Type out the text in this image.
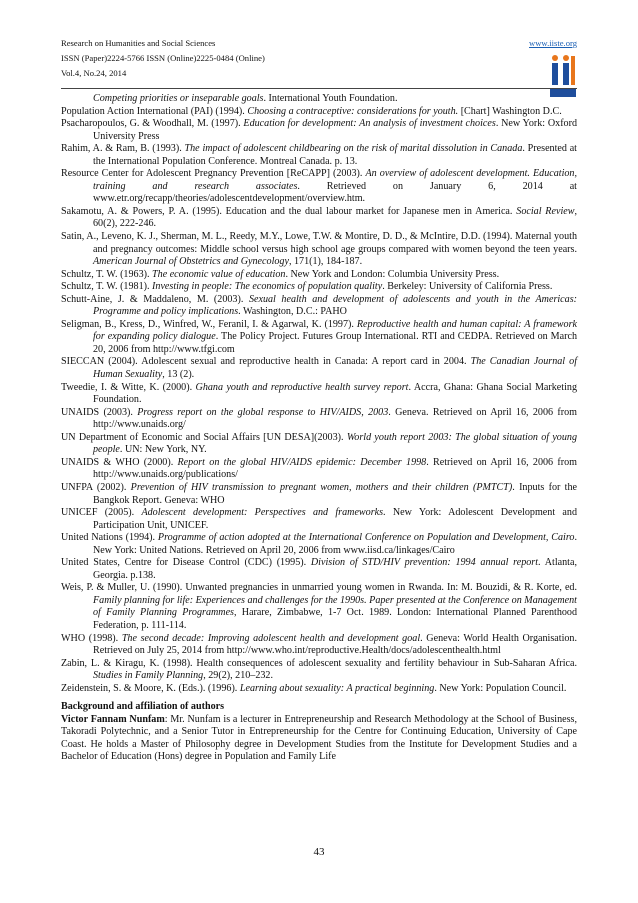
Research on Humanities and Social Sciences
ISSN (Paper)2224-5766 ISSN (Online)2225-0484 (Online)
Vol.4, No.24, 2014
www.iiste.org

Competing priorities or inseparable goals. International Youth Foundation.

Population Action International (PAI) (1994). Choosing a contraceptive: considerations for youth. [Chart] Washington D.C.

Psacharopoulos, G. & Woodhall, M. (1997). Education for development: An analysis of investment choices. New York: Oxford University Press

Rahim, A. & Ram, B. (1993). The impact of adolescent childbearing on the risk of marital dissolution in Canada. Presented at the International Population Conference. Montreal Canada. p. 13.

Resource Center for Adolescent Pregnancy Prevention [ReCAPP] (2003). An overview of adolescent development. Education, training and research associates. Retrieved on January 6, 2014 at www.etr.org/recapp/theories/adolescentdevelopment/overview.htm.

Sakamotu, A. & Powers, P. A. (1995). Education and the dual labour market for Japanese men in America. Social Review, 60(2), 222-246.

Satin, A., Leveno, K. J., Sherman, M. L., Reedy, M.Y., Lowe, T.W. & Montire, D. D., & McIntire, D.D. (1994). Maternal youth and pregnancy outcomes: Middle school versus high school age groups compared with women beyond the teen years. American Journal of Obstetrics and Gynecology, 171(1), 184-187.

Schultz, T. W. (1963). The economic value of education. New York and London: Columbia University Press.

Schultz, T. W. (1981). Investing in people: The economics of population quality. Berkeley: University of California Press.

Schutt-Aine, J. & Maddaleno, M. (2003). Sexual health and development of adolescents and youth in the Americas: Programme and policy implications. Washington, D.C.: PAHO

Seligman, B., Kress, D., Winfred, W., Feranil, I. & Agarwal, K. (1997). Reproductive health and human capital: A framework for expanding policy dialogue. The Policy Project. Futures Group International. RTI and CEDPA. Retrieved on March 20, 2006 from http://www.tfgi.com

SIECCAN (2004). Adolescent sexual and reproductive health in Canada: A report card in 2004. The Canadian Journal of Human Sexuality, 13 (2).

Tweedie, I. & Witte, K. (2000). Ghana youth and reproductive health survey report. Accra, Ghana: Ghana Social Marketing Foundation.

UNAIDS (2003). Progress report on the global response to HIV/AIDS, 2003. Geneva. Retrieved on April 16, 2006 from http://www.unaids.org/

UN Department of Economic and Social Affairs [UN DESA](2003). World youth report 2003: The global situation of young people. UN: New York, NY.

UNAIDS & WHO (2000). Report on the global HIV/AIDS epidemic: December 1998. Retrieved on April 16, 2006 from http://www.unaids.org/publications/

UNFPA (2002). Prevention of HIV transmission to pregnant women, mothers and their children (PMTCT). Inputs for the Bangkok Report. Geneva: WHO

UNICEF (2005). Adolescent development: Perspectives and frameworks. New York: Adolescent Development and Participation Unit, UNICEF.

United Nations (1994). Programme of action adopted at the International Conference on Population and Development, Cairo. New York: United Nations. Retrieved on April 20, 2006 from www.iisd.ca/linkages/Cairo

United States, Centre for Disease Control (CDC) (1995). Division of STD/HIV prevention: 1994 annual report. Atlanta, Georgia. p.138.

Weis, P. & Muller, U. (1990). Unwanted pregnancies in unmarried young women in Rwanda. In: M. Bouzidi, & R. Korte, ed. Family planning for life: Experiences and challenges for the 1990s. Paper presented at the Conference on Management of Family Planning Programmes, Harare, Zimbabwe, 1-7 Oct. 1989. London: International Planned Parenthood Federation, p. 111-114.

WHO (1998). The second decade: Improving adolescent health and development goal. Geneva: World Health Organisation. Retrieved on July 25, 2014 from http://www.who.int/reproductive.Health/docs/adolescenthealth.html

Zabin, L. & Kiragu, K. (1998). Health consequences of adolescent sexuality and fertility behaviour in Sub-Saharan Africa. Studies in Family Planning, 29(2), 210–232.

Zeidenstein, S. & Moore, K. (Eds.). (1996). Learning about sexuality: A practical beginning. New York: Population Council.

Background and affiliation of authors

Victor Fannam Nunfam: Mr. Nunfam is a lecturer in Entrepreneurship and Research Methodology at the School of Business, Takoradi Polytechnic, and a Senior Tutor in Entrepreneurship for the Centre for Continuing Education, University of Cape Coast. He holds a Master of Philosophy degree in Development Studies from the Institute for Development Studies and a Bachelor of Education (Hons) degree in Population and Family Life

43
